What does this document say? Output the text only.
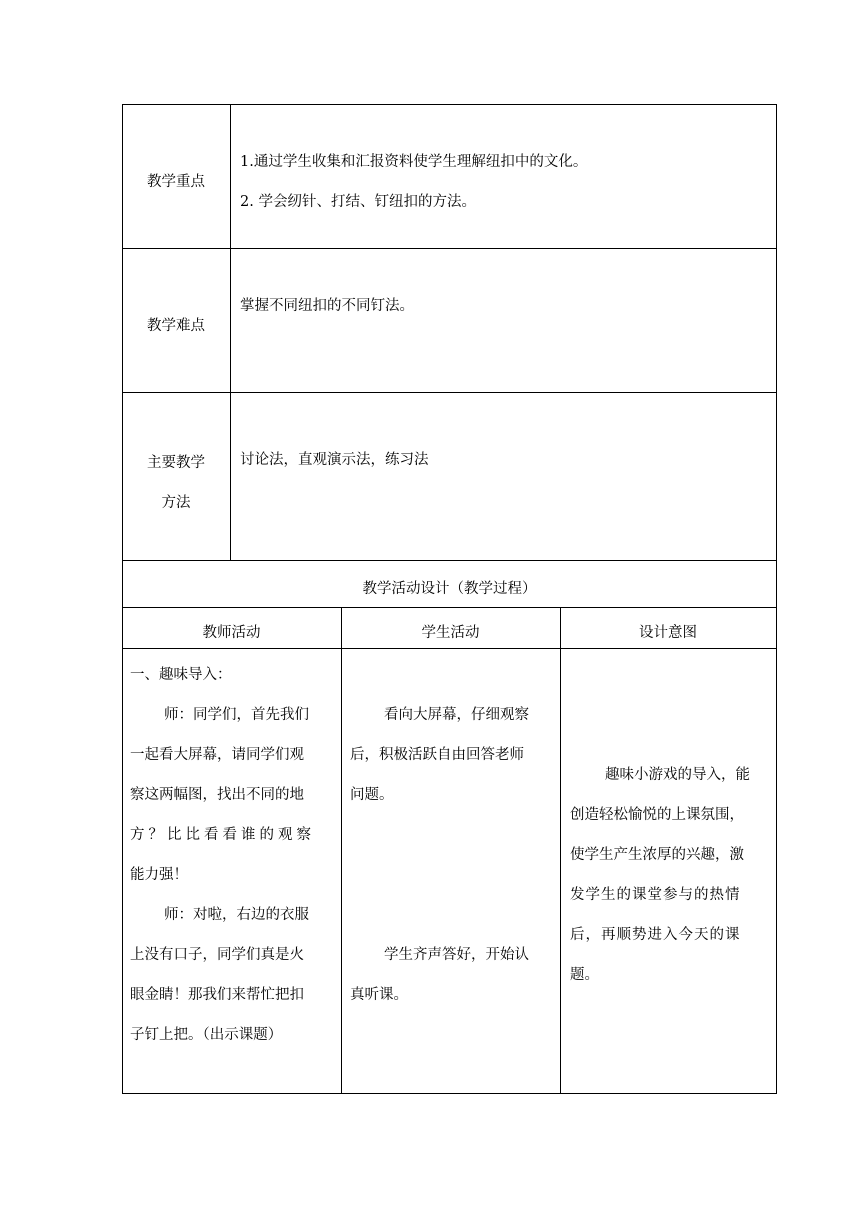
教学重点
1.通过学生收集和汇报资料使学生理解纽扣中的文化。
2. 学会纫针、打结、钉纽扣的方法。
教学难点
掌握不同纽扣的不同钉法。
主要教学
方法
讨论法，直观演示法，练习法
教学活动设计（教学过程）
教师活动	学生活动	设计意图
一、趣味导入：
师：同学们，首先我们
一起看大屏幕，请同学们观
察这两幅图，找出不同的地
方？比比看看谁的观察
能力强！
师：对啦，右边的衣服
上没有口子，同学们真是火
眼金睛！那我们来帮忙把扣
子钉上把。（出示课题）
看向大屏幕，仔细观察
后，积极活跃自由回答老师
问题。
学生齐声答好，开始认
真听课。
趣味小游戏的导入，能
创造轻松愉悦的上课氛围，
使学生产生浓厚的兴趣，激
发学生的课堂参与的热情
后，再顺势进入今天的课
题。
